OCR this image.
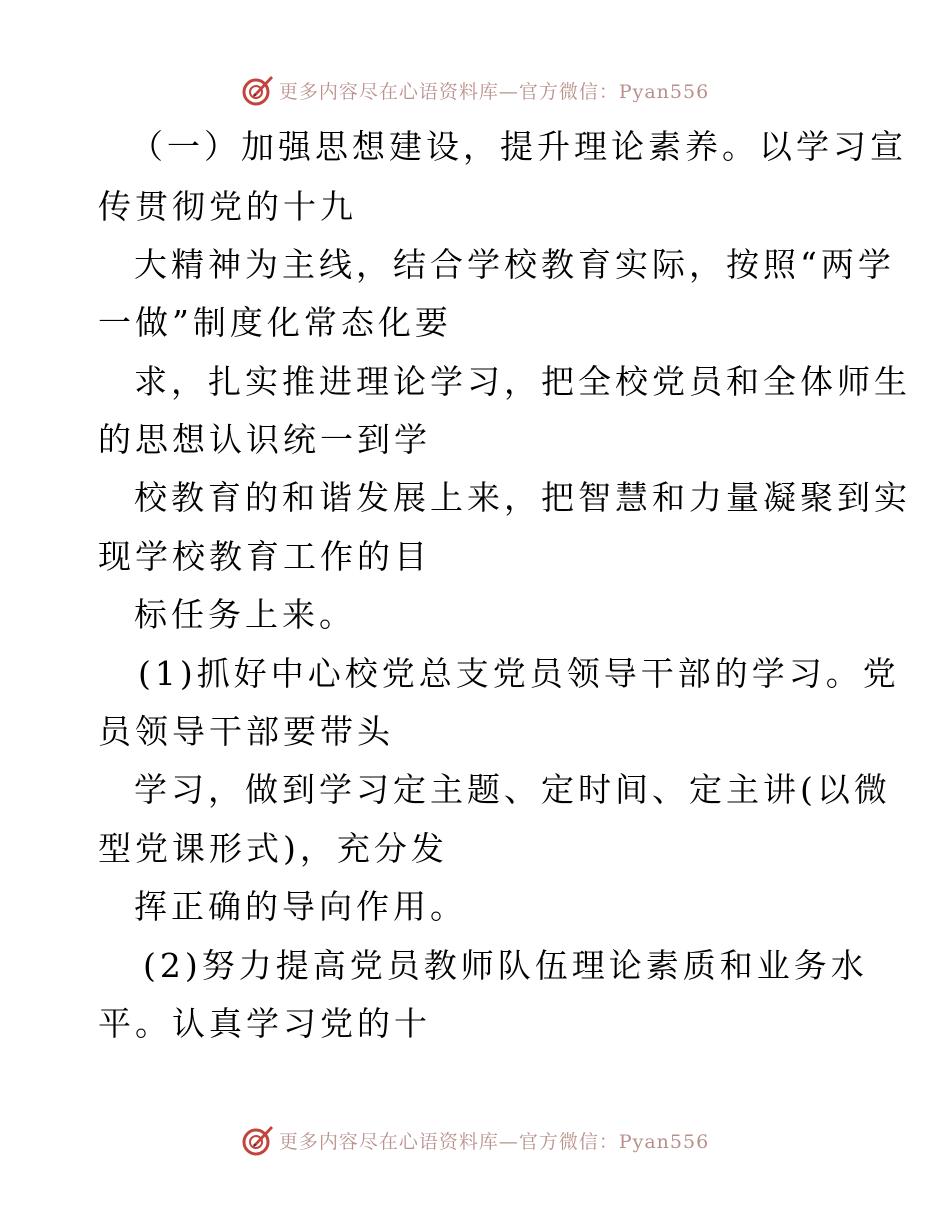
更多内容尽在心语资料库—官方微信：Pyan556
（一）加强思想建设，提升理论素养。以学习宣
传贯彻党的十九
大精神为主线，结合学校教育实际，按照“两学
一做”制度化常态化要
求，扎实推进理论学习，把全校党员和全体师生
的思想认识统一到学
校教育的和谐发展上来，把智慧和力量凝聚到实
现学校教育工作的目
标任务上来。
(1)抓好中心校党总支党员领导干部的学习。党
员领导干部要带头
学习，做到学习定主题、定时间、定主讲(以微
型党课形式)，充分发
挥正确的导向作用。
(2)努力提高党员教师队伍理论素质和业务水
平。认真学习党的十
更多内容尽在心语资料库—官方微信：Pyan556
